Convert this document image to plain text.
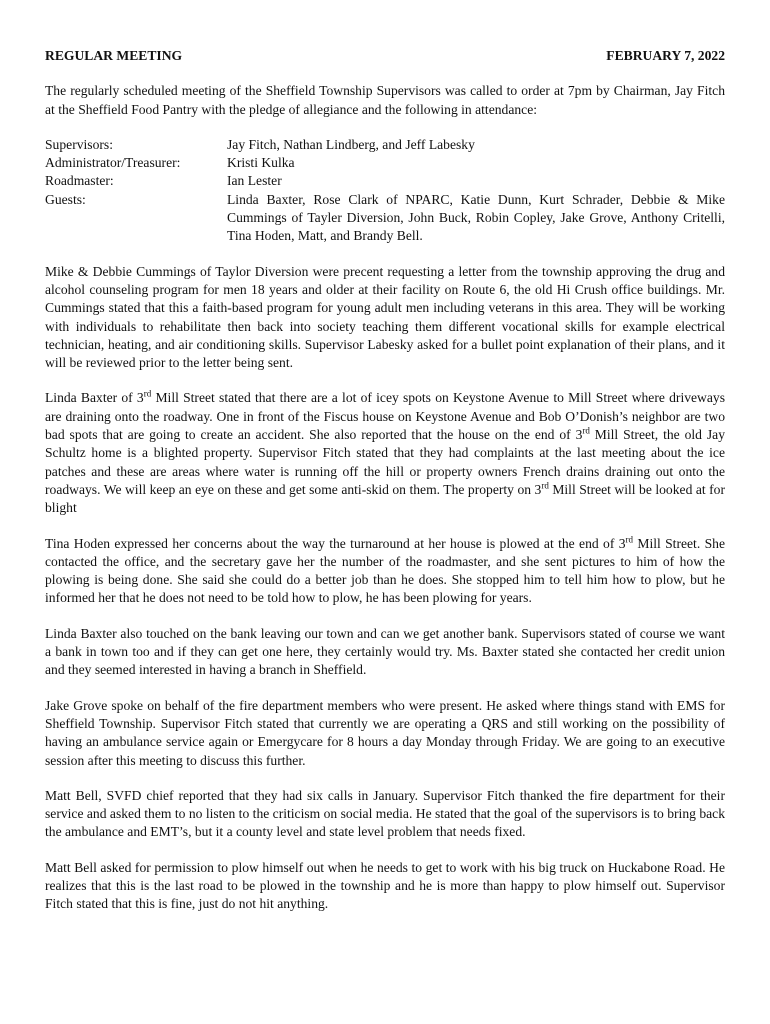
REGULAR MEETING	FEBRUARY 7, 2022

The regularly scheduled meeting of the Sheffield Township Supervisors was called to order at 7pm by Chairman, Jay Fitch at the Sheffield Food Pantry with the pledge of allegiance and the following in attendance:

Supervisors:	Jay Fitch, Nathan Lindberg, and Jeff Labesky
Administrator/Treasurer:	Kristi Kulka
Roadmaster:	Ian Lester
Guests:	Linda Baxter, Rose Clark of NPARC, Katie Dunn, Kurt Schrader, Debbie & Mike Cummings of Tayler Diversion, John Buck, Robin Copley, Jake Grove, Anthony Critelli, Tina Hoden, Matt, and Brandy Bell.

Mike & Debbie Cummings of Taylor Diversion were precent requesting a letter from the township approving the drug and alcohol counseling program for men 18 years and older at their facility on Route 6, the old Hi Crush office buildings. Mr. Cummings stated that this a faith-based program for young adult men including veterans in this area. They will be working with individuals to rehabilitate then back into society teaching them different vocational skills for example electrical technician, heating, and air conditioning skills. Supervisor Labesky asked for a bullet point explanation of their plans, and it will be reviewed prior to the letter being sent.

Linda Baxter of 3rd Mill Street stated that there are a lot of icey spots on Keystone Avenue to Mill Street where driveways are draining onto the roadway. One in front of the Fiscus house on Keystone Avenue and Bob O’Donish’s neighbor are two bad spots that are going to create an accident. She also reported that the house on the end of 3rd Mill Street, the old Jay Schultz home is a blighted property. Supervisor Fitch stated that they had complaints at the last meeting about the ice patches and these are areas where water is running off the hill or property owners French drains draining out onto the roadways. We will keep an eye on these and get some anti-skid on them. The property on 3rd Mill Street will be looked at for blight

Tina Hoden expressed her concerns about the way the turnaround at her house is plowed at the end of 3rd Mill Street. She contacted the office, and the secretary gave her the number of the roadmaster, and she sent pictures to him of how the plowing is being done. She said she could do a better job than he does. She stopped him to tell him how to plow, but he informed her that he does not need to be told how to plow, he has been plowing for years.

Linda Baxter also touched on the bank leaving our town and can we get another bank. Supervisors stated of course we want a bank in town too and if they can get one here, they certainly would try. Ms. Baxter stated she contacted her credit union and they seemed interested in having a branch in Sheffield.

Jake Grove spoke on behalf of the fire department members who were present. He asked where things stand with EMS for Sheffield Township. Supervisor Fitch stated that currently we are operating a QRS and still working on the possibility of having an ambulance service again or Emergycare for 8 hours a day Monday through Friday. We are going to an executive session after this meeting to discuss this further.

Matt Bell, SVFD chief reported that they had six calls in January. Supervisor Fitch thanked the fire department for their service and asked them to no listen to the criticism on social media. He stated that the goal of the supervisors is to bring back the ambulance and EMT’s, but it a county level and state level problem that needs fixed.

Matt Bell asked for permission to plow himself out when he needs to get to work with his big truck on Huckabone Road. He realizes that this is the last road to be plowed in the township and he is more than happy to plow himself out. Supervisor Fitch stated that this is fine, just do not hit anything.
